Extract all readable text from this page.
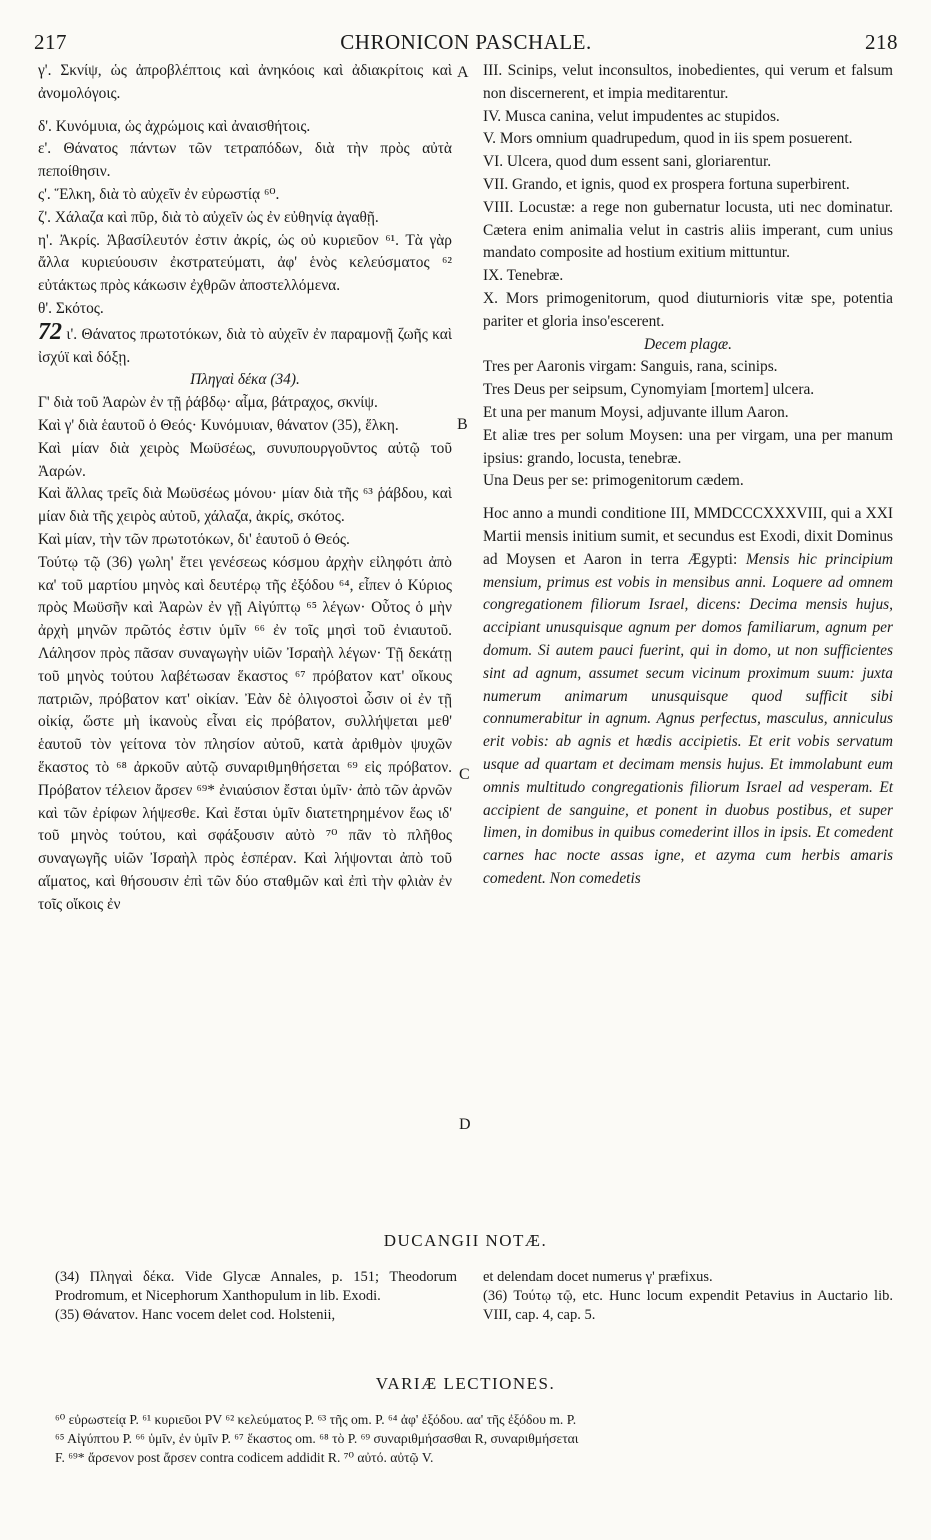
CHRONICON PASCHALE.
217	218

γ'. Σκνίψ, ὡς ἀπροβλέπτοις καὶ ἀνηκόοις καὶ ἀδιακρίτοις καὶ ἀνομολόγοις.

δ'. Κυνόμυια, ὡς ἀχρώμοις καὶ ἀναισθήτοις.

ε'. Θάνατος πάντων τῶν τετραπόδων, διὰ τὴν πρὸς αὐτὰ πεποίθησιν.

ς'. Ἕλκη, διὰ τὸ αὐχεῖν ἐν εὐρωστίᾳ ⁶⁰.

ζ'. Χάλαζα καὶ πῦρ, διὰ τὸ αὐχεῖν ὡς ἐν εὐθηνίᾳ ἀγαθῇ.

η'. Ἀκρίς. Ἀβασίλευτόν ἐστιν ἀκρίς, ὡς οὐ κυριεῦον ⁶¹. Τὰ γὰρ ἄλλα κυριεύουσιν ἐκστρατεύματι, ἀφ' ἑνὸς κελεύσματος ⁶² εὐτάκτως πρὸς κάκωσιν ἐχθρῶν ἀποστελλόμενα.

θ'. Σκότος.

72 ι'. Θάνατος πρωτοτόκων, διὰ τὸ αὐχεῖν ἐν παραμονῇ ζωῆς καὶ ἰσχύϊ καὶ δόξῃ.

Πληγαὶ δέκα (34).

Γ' διὰ τοῦ Ἀαρὼν ἐν τῇ ῥάβδῳ· αἷμα, βάτραχος, σκνίψ.

Καὶ γ' διὰ ἑαυτοῦ ὁ Θεός· Κυνόμυιαν, θάνατον (35), ἕλκη.

Καὶ μίαν διὰ χειρὸς Μωϋσέως, συνυπουργοῦντος αὐτῷ τοῦ Ἀαρών.

Καὶ ἄλλας τρεῖς διὰ Μωϋσέως μόνου· μίαν διὰ τῆς ⁶³ ῥάβδου, καὶ μίαν διὰ τῆς χειρὸς αὐτοῦ, χάλαζα, ἀκρίς, σκότος.

Καὶ μίαν, τὴν τῶν πρωτοτόκων, δι' ἑαυτοῦ ὁ Θεός.

Τούτῳ τῷ (36) γωλη' ἔτει γενέσεως κόσμου ἀρχὴν εἰληφότι ἀπὸ κα' τοῦ μαρτίου μηνὸς καὶ δευτέρῳ τῆς ἐξόδου ⁶⁴, εἶπεν ὁ Κύριος πρὸς Μωϋσῆν καὶ Ἀαρὼν ἐν γῇ Αἰγύπτῳ ⁶⁵ λέγων· Οὗτος ὁ μὴν ἀρχὴ μηνῶν πρῶτός ἐστιν ὑμῖν ⁶⁶ ἐν τοῖς μησὶ τοῦ ἐνιαυτοῦ. Λάλησον πρὸς πᾶσαν συναγωγὴν υἱῶν Ἰσραὴλ λέγων· Τῇ δεκάτῃ τοῦ μηνὸς τούτου λαβέτωσαν ἕκαστος ⁶⁷ πρόβατον κατ' οἴκους πατριῶν, πρόβατον κατ' οἰκίαν. Ἐὰν δὲ ὀλιγοστοὶ ὦσιν οἱ ἐν τῇ οἰκίᾳ, ὥστε μὴ ἱκανοὺς εἶναι εἰς πρόβατον, συλλήψεται μεθ' ἑαυτοῦ τὸν γείτονα τὸν πλησίον αὐτοῦ, κατὰ ἀριθμὸν ψυχῶν ἕκαστος τὸ ⁶⁸ ἀρκοῦν αὐτῷ συναριθμηθήσεται ⁶⁹ εἰς πρόβατον. Πρόβατον τέλειον ἄρσεν ⁶⁹* ἐνιαύσιον ἔσται ὑμῖν· ἀπὸ τῶν ἀρνῶν καὶ τῶν ἐρίφων λήψεσθε. Καὶ ἔσται ὑμῖν διατετηρημένον ἕως ιδ' τοῦ μηνὸς τούτου, καὶ σφάξουσιν αὐτὸ ⁷⁰ πᾶν τὸ πλῆθος συναγωγῆς υἱῶν Ἰσραὴλ πρὸς ἑσπέραν. Καὶ λήψονται ἀπὸ τοῦ αἵματος, καὶ θήσουσιν ἐπὶ τῶν δύο σταθμῶν καὶ ἐπὶ τὴν φλιὰν ἐν τοῖς οἴκοις ἐν

A
B
C
D

III. Scinips, velut inconsultos, inobedientes, qui verum et falsum non discernerent, et impia meditarentur.

IV. Musca canina, velut impudentes ac stupidos.

V. Mors omnium quadrupedum, quod in iis spem posuerent.

VI. Ulcera, quod dum essent sani, gloriarentur.

VII. Grando, et ignis, quod ex prospera fortuna superbirent.

VIII. Locustæ: a rege non gubernatur locusta, uti nec dominatur. Cætera enim animalia velut in castris aliis imperant, cum unius mandato composite ad hostium exitium mittuntur.

IX. Tenebræ.

X. Mors primogenitorum, quod diuturnioris vitæ spe, potentia pariter et gloria inso'escerent.

Decem plagæ.

Tres per Aaronis virgam: Sanguis, rana, scinips.

Tres Deus per seipsum, Cynomyiam [mortem] ulcera.

Et una per manum Moysi, adjuvante illum Aaron.

Et aliæ tres per solum Moysen: una per virgam, una per manum ipsius: grando, locusta, tenebræ.

Una Deus per se: primogenitorum cædem.

Hoc anno a mundi conditione III, MMDCCCXXXVIII, qui a XXI Martii mensis initium sumit, et secundus est Exodi, dixit Dominus ad Moysen et Aaron in terra Ægypti: Mensis hic principium mensium, primus est vobis in mensibus anni. Loquere ad omnem congregationem filiorum Israel, dicens: Decima mensis hujus, accipiant unusquisque agnum per domos familiarum, agnum per domum. Si autem pauci fuerint, qui in domo, ut non sufficientes sint ad agnum, assumet secum vicinum proximum suum: juxta numerum animarum unusquisque quod sufficit sibi connumerabitur in agnum. Agnus perfectus, masculus, anniculus erit vobis: ab agnis et hædis accipietis. Et erit vobis servatum usque ad quartam et decimam mensis hujus. Et immolabunt eum omnis multitudo congregationis filiorum Israel ad vesperam. Et accipient de sanguine, et ponent in duobus postibus, et super limen, in domibus in quibus comederint illos in ipsis. Et comedent carnes hac nocte assas igne, et azyma cum herbis amaris comedent. Non comedetis

DUCANGII NOTÆ.

(34) Πληγαὶ δέκα. Vide Glycæ Annales, p. 151; Theodorum Prodromum, et Nicephorum Xanthopulum in lib. Exodi.
(35) Θάνατον. Hanc vocem delet cod. Holstenii,

et delendam docet numerus γ' præfixus.
(36) Τούτῳ τῷ, etc. Hunc locum expendit Petavius in Auctario lib. VIII, cap. 4, cap. 5.

VARIÆ LECTIONES.

⁶⁰ εὐρωστείᾳ P. ⁶¹ κυριεῦοι PV ⁶² κελεύματος P. ⁶³ τῆς om. P. ⁶⁴ ἀφ' ἐξόδου. αα' τῆς ἐξόδου m. P.

⁶⁵ Αἰγύπτου P. ⁶⁶ ὑμῖν, ἐν ὑμῖν P. ⁶⁷ ἕκαστος om. ⁶⁸ τὸ P. ⁶⁹ συναριθμήσασθαι R, συναριθμήσεται

F. ⁶⁹* ἄρσενον post ἄρσεν contra codicem addidit R. ⁷⁰ αὐτό. αὐτῷ V.
